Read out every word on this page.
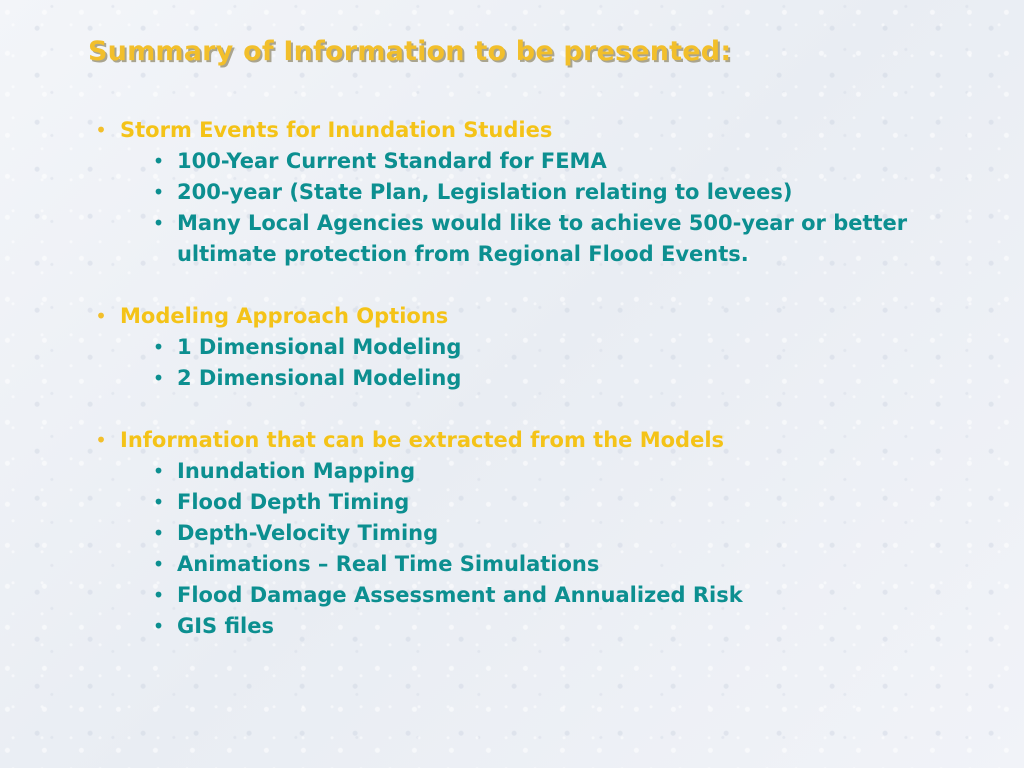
Summary of Information to be presented:
• Storm Events for Inundation Studies
• 100-Year Current Standard for FEMA
• 200-year (State Plan, Legislation relating to levees)
• Many Local Agencies would like to achieve 500-year or better ultimate protection from Regional Flood Events.
• Modeling Approach Options
• 1 Dimensional Modeling
• 2 Dimensional Modeling
• Information that can be extracted from the Models
• Inundation Mapping
• Flood Depth Timing
• Depth-Velocity Timing
• Animations – Real Time Simulations
• Flood Damage Assessment and Annualized Risk
• GIS files
